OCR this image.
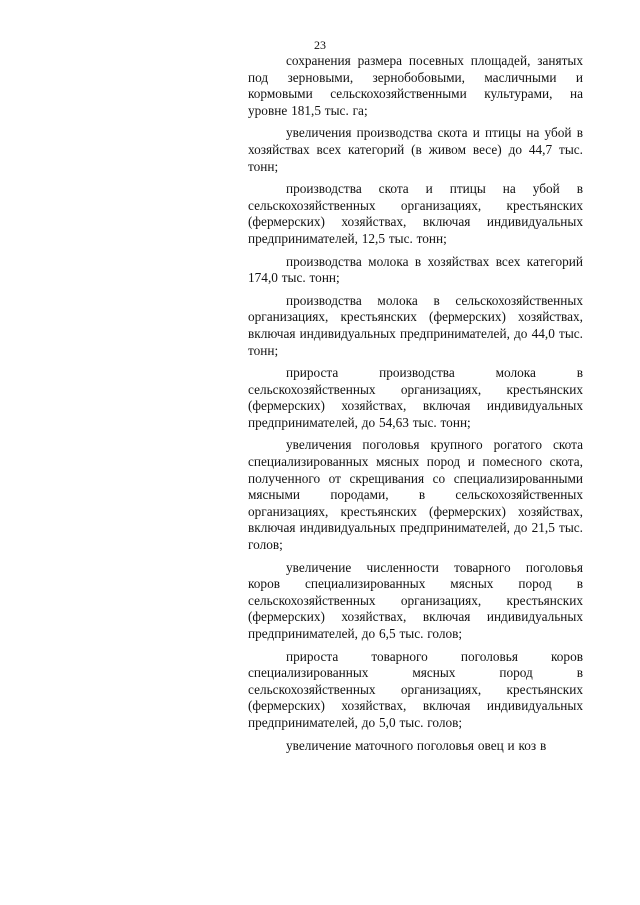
23

сохранения размера посевных площадей, занятых под зерновыми, зернобобовыми, масличными и кормовыми сельскохозяйственными культурами, на уровне 181,5 тыс. га;

увеличения производства скота и птицы на убой в хозяйствах всех категорий (в живом весе) до 44,7 тыс. тонн;

производства скота и птицы на убой в сельскохозяйственных организациях, крестьянских (фермерских) хозяйствах, включая индивидуальных предпринимателей, 12,5 тыс. тонн;

производства молока в хозяйствах всех категорий 174,0 тыс. тонн;

производства молока в сельскохозяйственных организациях, крестьянских (фермерских) хозяйствах, включая индивидуальных предпринимателей, до 44,0 тыс. тонн;

прироста производства молока в сельскохозяйственных организациях, крестьянских (фермерских) хозяйствах, включая индивидуальных предпринимателей, до 54,63 тыс. тонн;

увеличения поголовья крупного рогатого скота специализированных мясных пород и помесного скота, полученного от скрещивания со специализированными мясными породами, в сельскохозяйственных организациях, крестьянских (фермерских) хозяйствах, включая индивидуальных предпринимателей, до 21,5 тыс. голов;

увеличение численности товарного поголовья коров специализированных мясных пород в сельскохозяйственных организациях, крестьянских (фермерских) хозяйствах, включая индивидуальных предпринимателей, до 6,5 тыс. голов;

прироста товарного поголовья коров специализированных мясных пород в сельскохозяйственных организациях, крестьянских (фермерских) хозяйствах, включая индивидуальных предпринимателей, до 5,0 тыс. голов;

увеличение маточного поголовья овец и коз в
